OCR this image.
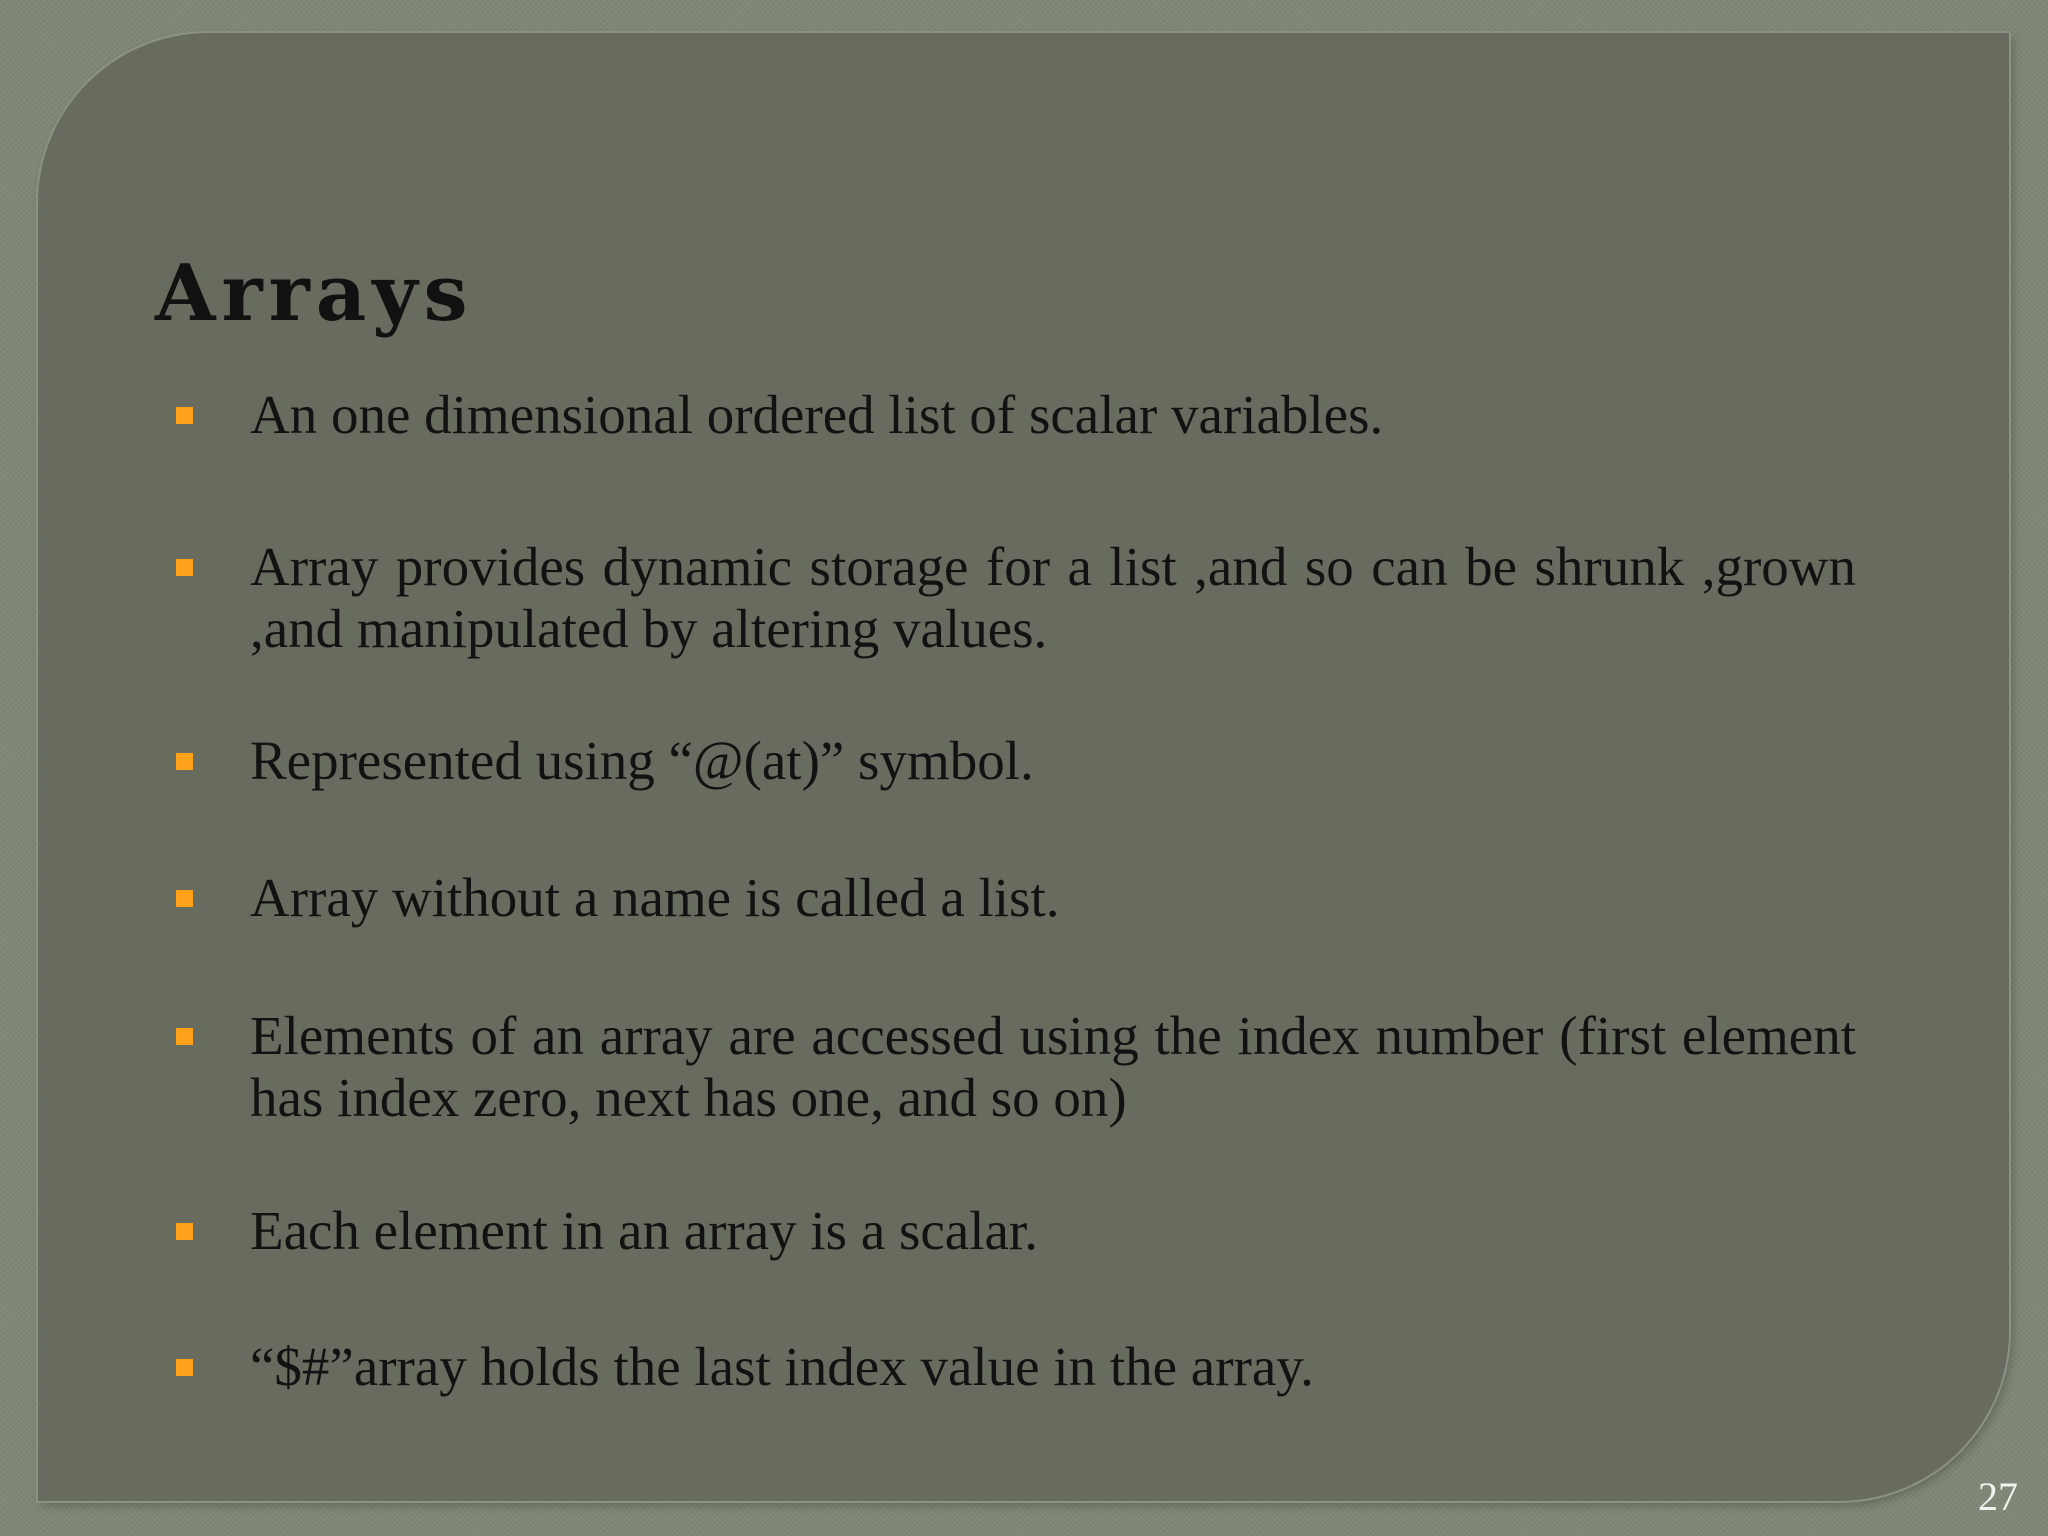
Arrays
An one dimensional ordered list of scalar variables.
Array provides dynamic storage for a list ,and so can be shrunk ,grown ,and manipulated by altering values.
Represented using “@(at)” symbol.
Array without a name is called a list.
Elements of an array are accessed using the index number (first element has index zero, next has one, and so on)
Each element in an array is a scalar.
“$#”array holds the last index value in the array.
27
